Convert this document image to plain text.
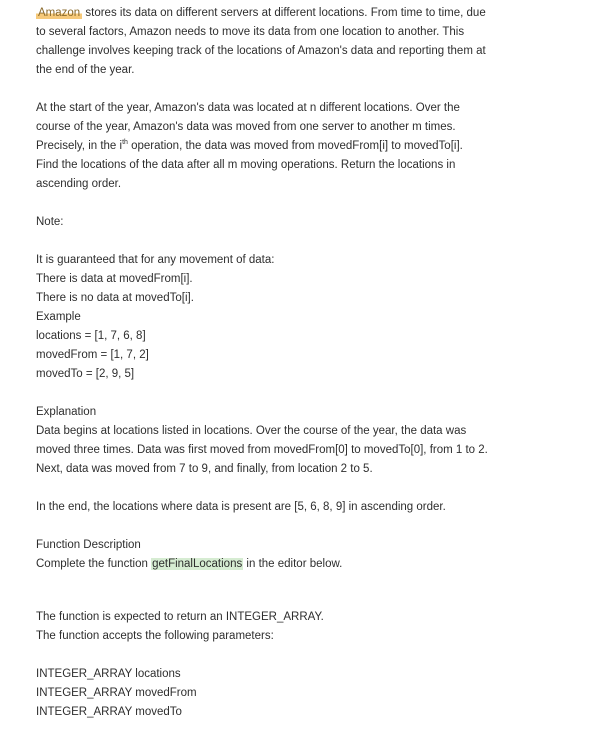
Amazon stores its data on different servers at different locations. From time to time, due
to several factors, Amazon needs to move its data from one location to another. This
challenge involves keeping track of the locations of Amazon's data and reporting them at
the end of the year.
At the start of the year, Amazon's data was located at n different locations. Over the
course of the year, Amazon's data was moved from one server to another m times.
Precisely, in the $i^{th}$ operation, the data was moved from movedFrom[i] to movedTo[i].
Find the locations of the data after all m moving operations. Return the locations in
ascending order.
Note:
It is guaranteed that for any movement of data:
There is data at movedFrom[i].
There is no data at movedTo[i].
Example
locations = [1, 7, 6, 8]
movedFrom = [1, 7, 2]
movedTo = [2, 9, 5]
Explanation
Data begins at locations listed in locations. Over the course of the year, the data was
moved three times. Data was first moved from movedFrom[0] to movedTo[0], from 1 to 2.
Next, data was moved from 7 to 9, and finally, from location 2 to 5.
In the end, the locations where data is present are [5, 6, 8, 9] in ascending order.
Function Description
Complete the function getFinalLocations in the editor below.
The function is expected to return an INTEGER_ARRAY.
The function accepts the following parameters:
INTEGER_ARRAY locations
INTEGER_ARRAY movedFrom
INTEGER_ARRAY movedTo
